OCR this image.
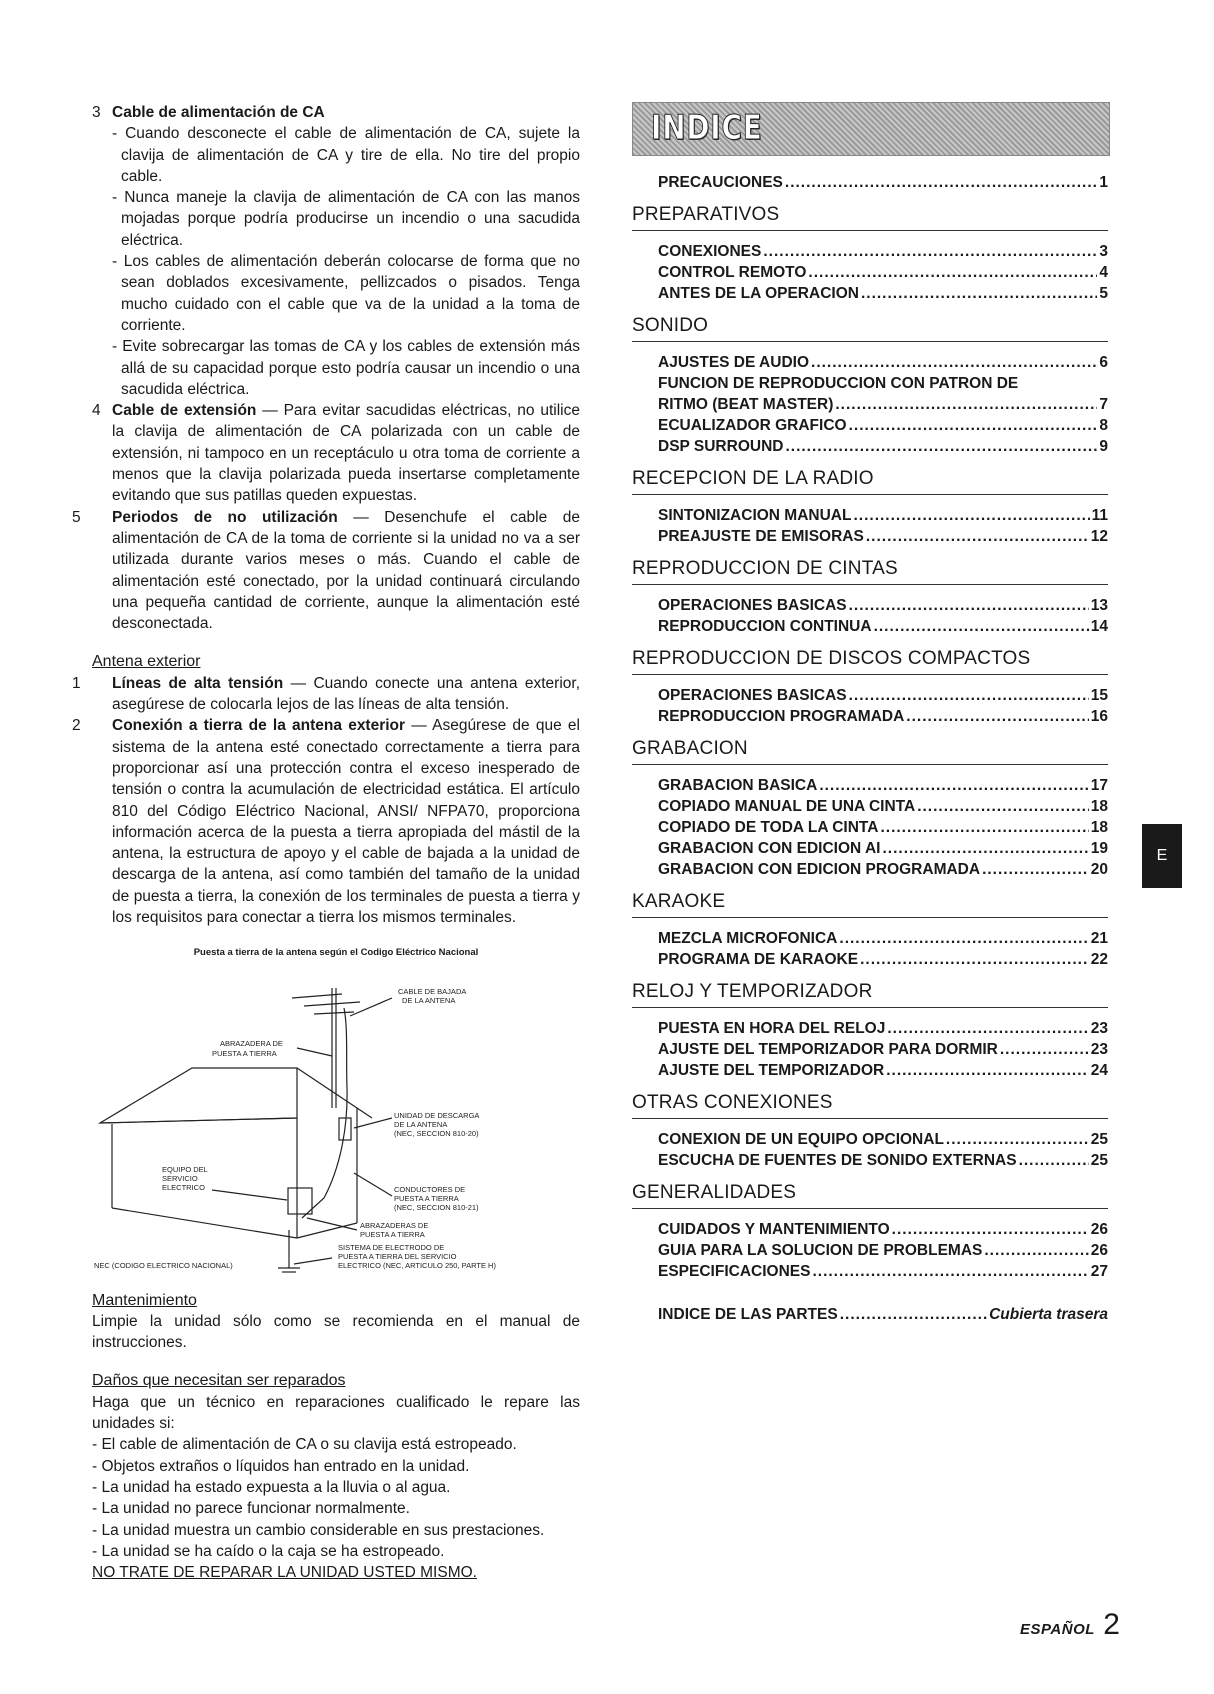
3 Cable de alimentación de CA
- Cuando desconecte el cable de alimentación de CA, sujete la clavija de alimentación de CA y tire de ella. No tire del propio cable.
- Nunca maneje la clavija de alimentación de CA con las manos mojadas porque podría producirse un incendio o una sacudida eléctrica.
- Los cables de alimentación deberán colocarse de forma que no sean doblados excesivamente, pellizcados o pisados. Tenga mucho cuidado con el cable que va de la unidad a la toma de corriente.
- Evite sobrecargar las tomas de CA y los cables de extensión más allá de su capacidad porque esto podría causar un incendio o una sacudida eléctrica.
4 Cable de extensión — Para evitar sacudidas eléctricas, no utilice la clavija de alimentación de CA polarizada con un cable de extensión, ni tampoco en un receptáculo u otra toma de corriente a menos que la clavija polarizada pueda insertarse completamente evitando que sus patillas queden expuestas.
5 Periodos de no utilización — Desenchufe el cable de alimentación de CA de la toma de corriente si la unidad no va a ser utilizada durante varios meses o más. Cuando el cable de alimentación esté conectado, por la unidad continuará circulando una pequeña cantidad de corriente, aunque la alimentación esté desconectada.
Antena exterior
1 Líneas de alta tensión — Cuando conecte una antena exterior, asegúrese de colocarla lejos de las líneas de alta tensión.
2 Conexión a tierra de la antena exterior — Asegúrese de que el sistema de la antena esté conectado correctamente a tierra para proporcionar así una protección contra el exceso inesperado de tensión o contra la acumulación de electricidad estática. El artículo 810 del Código Eléctrico Nacional, ANSI/ NFPA70, proporciona información acerca de la puesta a tierra apropiada del mástil de la antena, la estructura de apoyo y el cable de bajada a la unidad de descarga de la antena, así como también del tamaño de la unidad de puesta a tierra, la conexión de los terminales de puesta a tierra y los requisitos para conectar a tierra los mismos terminales.
Puesta a tierra de la antena según el Codigo Eléctrico Nacional
CABLE DE BAJADA
DE LA ANTENA
ABRAZADERA DE
PUESTA A TIERRA
UNIDAD DE DESCARGA
DE LA ANTENA
(NEC, SECCION 810-20)
EQUIPO DEL
SERVICIO
ELECTRICO	CONDUCTORES DE
PUESTA A TIERRA
(NEC, SECCION 810-21)
ABRAZADERAS DE
PUESTA A TIERRA
NEC (CODIGO ELECTRICO NACIONAL)
SISTEMA DE ELECTRODO DE
PUESTA A TIERRA DEL SERVICIO
ELECTRICO (NEC, ARTICULO 250, PARTE H)
Mantenimiento
Limpie la unidad sólo como se recomienda en el manual de instrucciones.
Daños que necesitan ser reparados
Haga que un técnico en reparaciones cualificado le repare las unidades si:
- El cable de alimentación de CA o su clavija está estropeado.
- Objetos extraños o líquidos han entrado en la unidad.
- La unidad ha estado expuesta a la lluvia o al agua.
- La unidad no parece funcionar normalmente.
- La unidad muestra un cambio considerable en sus prestaciones.
- La unidad se ha caído o la caja se ha estropeado.
NO TRATE DE REPARAR LA UNIDAD USTED MISMO.
INDICE
PRECAUCIONES .....	1
PREPARATIVOS
CONEXIONES .....	3
CONTROL REMOTO .....	4
ANTES DE LA OPERACION .....	5
SONIDO
AJUSTES DE AUDIO .....	6
FUNCION DE REPRODUCCION CON PATRON DE
RITMO (BEAT MASTER) .....	7
ECUALIZADOR GRAFICO .....	8
DSP SURROUND .....	9
RECEPCION DE LA RADIO
SINTONIZACION MANUAL .....	11
PREAJUSTE DE EMISORAS .....	12
REPRODUCCION DE CINTAS
OPERACIONES BASICAS .....	13
REPRODUCCION CONTINUA .....	14
REPRODUCCION DE DISCOS COMPACTOS
OPERACIONES BASICAS .....	15
REPRODUCCION PROGRAMADA .....	16
GRABACION
GRABACION BASICA .....	17
COPIADO MANUAL DE UNA CINTA .....	18
COPIADO DE TODA LA CINTA .....	18
GRABACION CON EDICION AI .....	19
GRABACION CON EDICION PROGRAMADA .....	20
KARAOKE
MEZCLA MICROFONICA .....	21
PROGRAMA DE KARAOKE .....	22
RELOJ Y TEMPORIZADOR
PUESTA EN HORA DEL RELOJ .....	23
AJUSTE DEL TEMPORIZADOR PARA DORMIR .....	23
AJUSTE DEL TEMPORIZADOR .....	24
OTRAS CONEXIONES
CONEXION DE UN EQUIPO OPCIONAL .....	25
ESCUCHA DE FUENTES DE SONIDO EXTERNAS .....	25
GENERALIDADES
CUIDADOS Y MANTENIMIENTO .....	26
GUIA PARA LA SOLUCION DE PROBLEMAS .....	26
ESPECIFICACIONES .....	27
INDICE DE LAS PARTES .....	Cubierta trasera
E
ESPAÑOL 2
